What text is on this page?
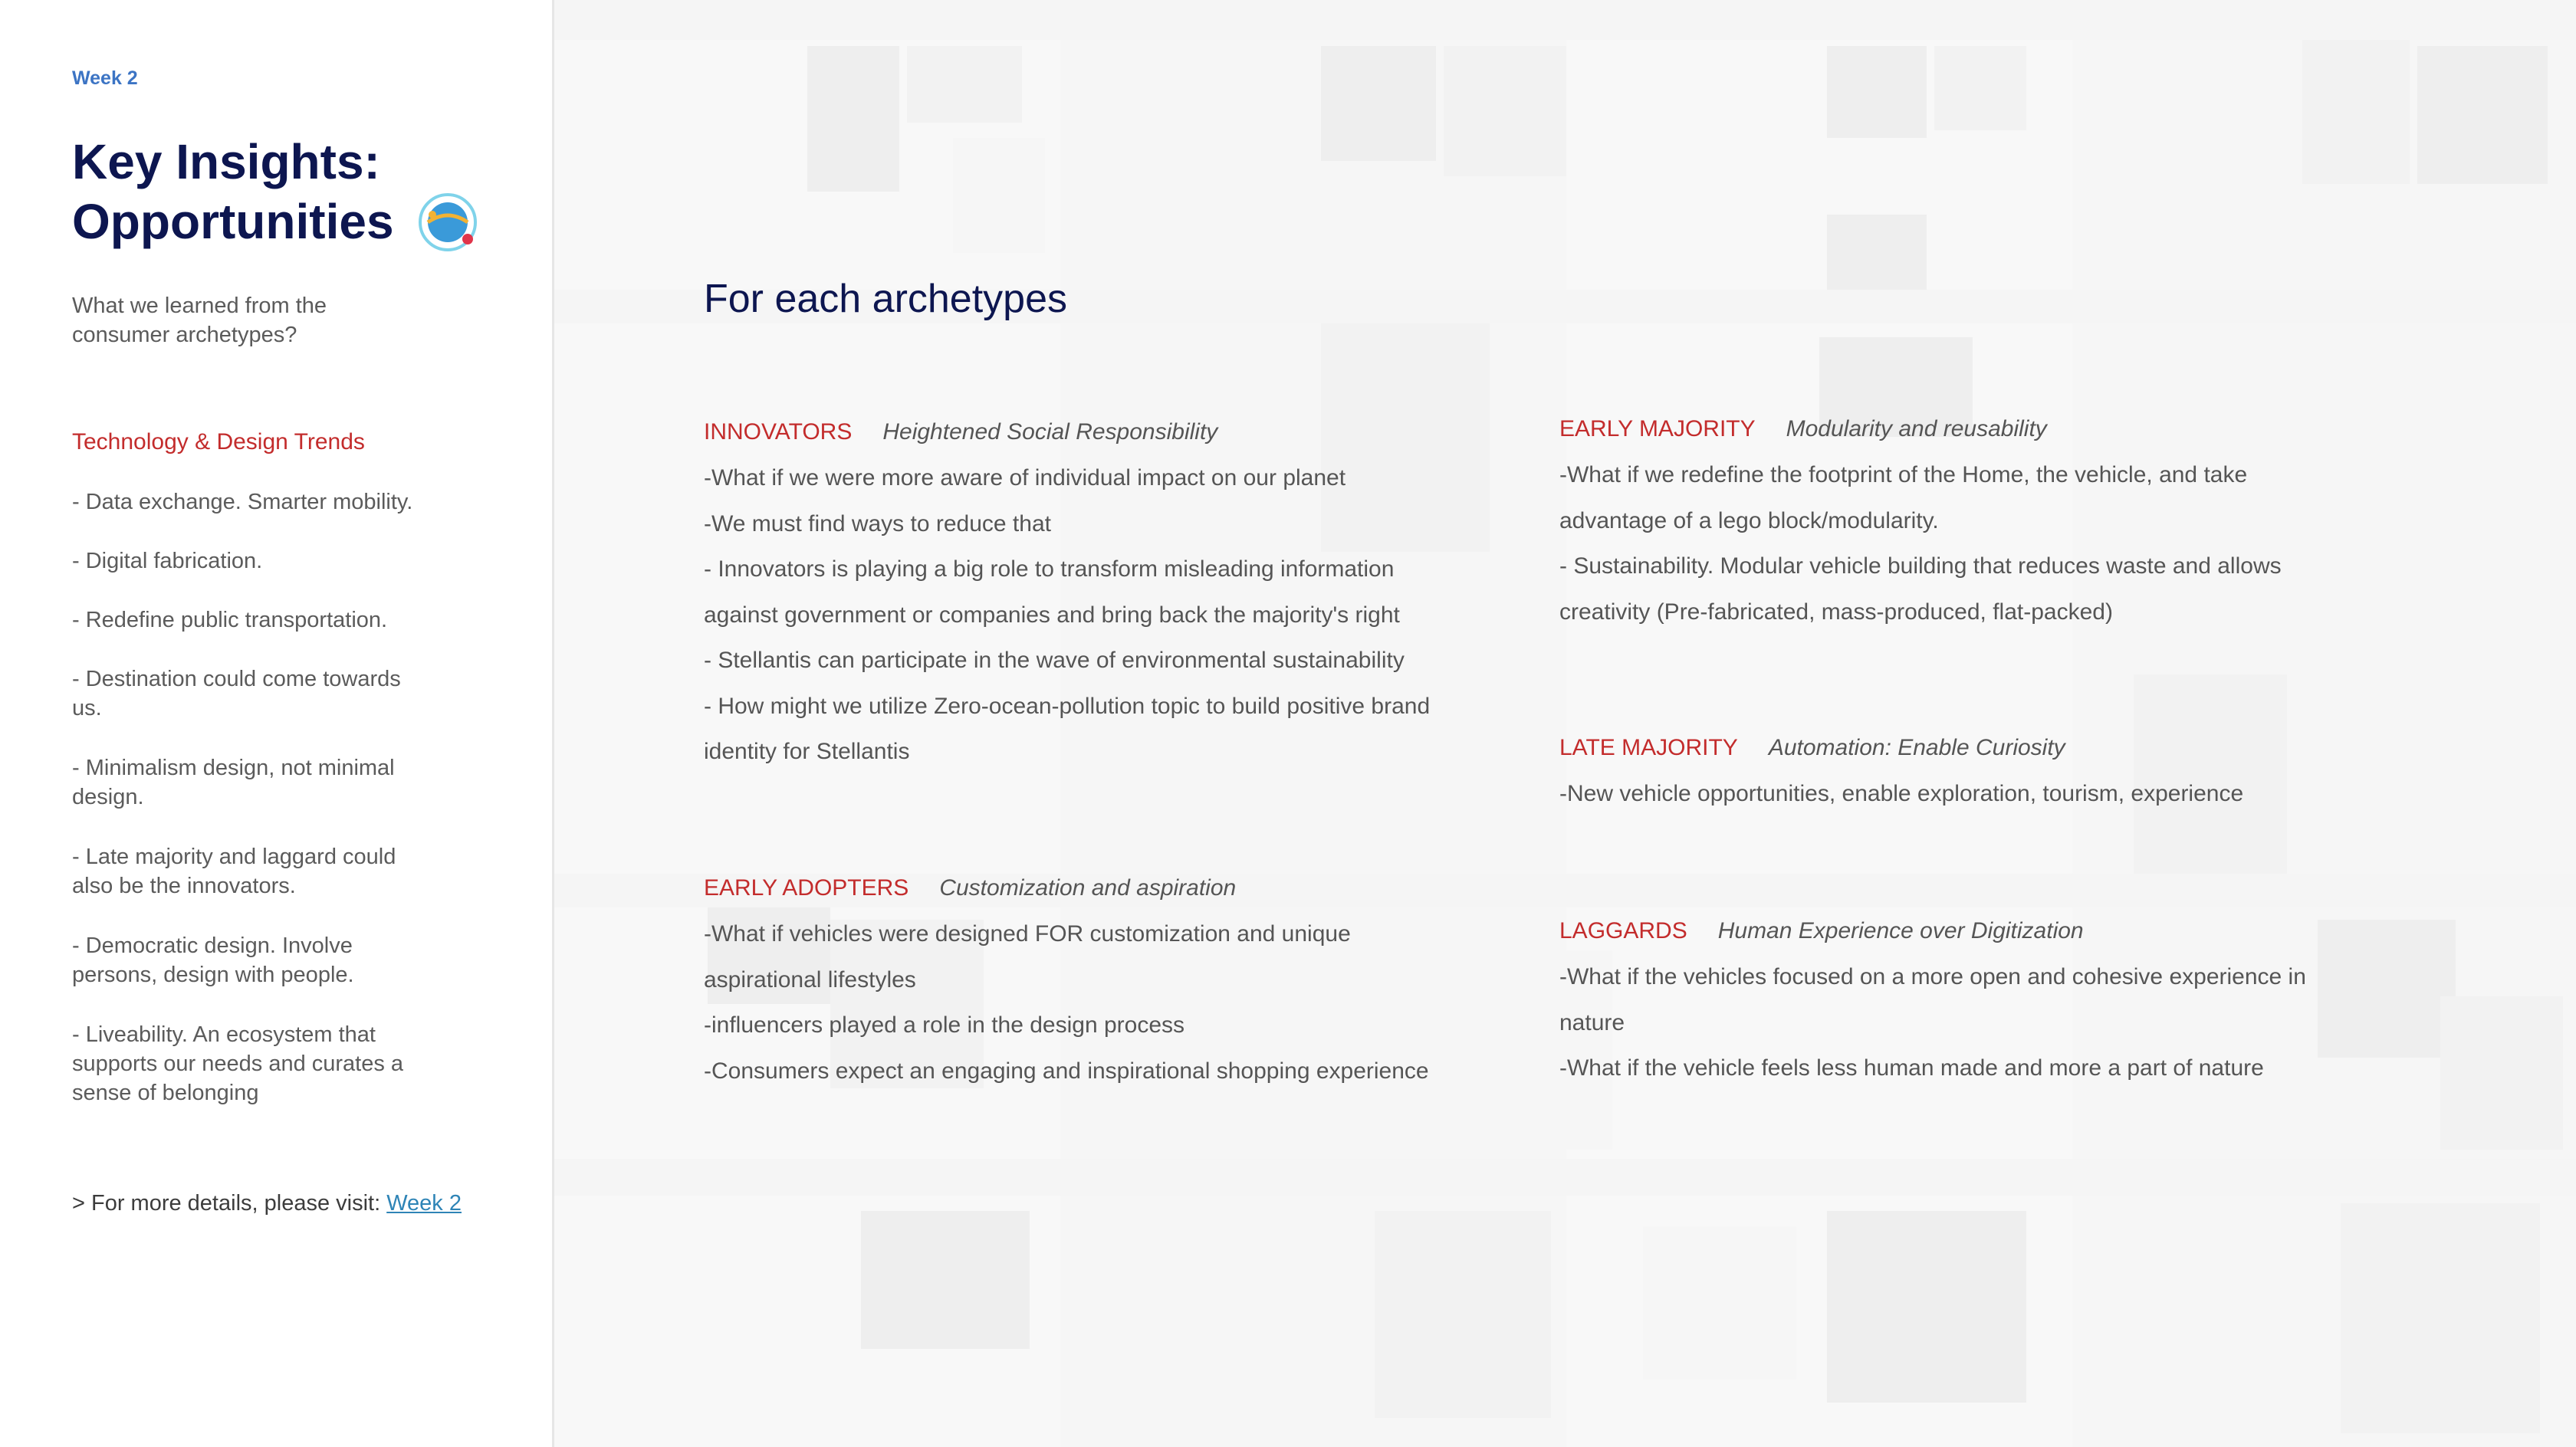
Week 2
Key Insights:
Opportunities
What we learned from the
consumer archetypes?
Technology & Design Trends
- Data exchange. Smarter mobility.
- Digital fabrication.
- Redefine public transportation.
- Destination could come towards
us.
- Minimalism design, not minimal
design.
- Late majority and laggard could
also be the innovators.
- Democratic design. Involve
persons, design with people.
- Liveability. An ecosystem that
supports our needs and curates a
sense of belonging
> For more details, please visit: Week 2
For each archetypes
INNOVATORS Heightened Social Responsibility
-What if we were more aware of individual impact on our planet
-We must find ways to reduce that
- Innovators is playing a big role to transform misleading information
against government or companies and bring back the majority's right
- Stellantis can participate in the wave of environmental sustainability
- How might we utilize Zero-ocean-pollution topic to build positive brand
identity for Stellantis
EARLY ADOPTERS Customization and aspiration
-What if vehicles were designed FOR customization and unique
aspirational lifestyles
-influencers played a role in the design process
-Consumers expect an engaging and inspirational shopping experience
EARLY MAJORITY Modularity and reusability
-What if we redefine the footprint of the Home, the vehicle, and take
advantage of a lego block/modularity.
- Sustainability. Modular vehicle building that reduces waste and allows
creativity (Pre-fabricated, mass-produced, flat-packed)
LATE MAJORITY Automation: Enable Curiosity
-New vehicle opportunities, enable exploration, tourism, experience
LAGGARDS Human Experience over Digitization
-What if the vehicles focused on a more open and cohesive experience in
nature
-What if the vehicle feels less human made and more a part of nature
